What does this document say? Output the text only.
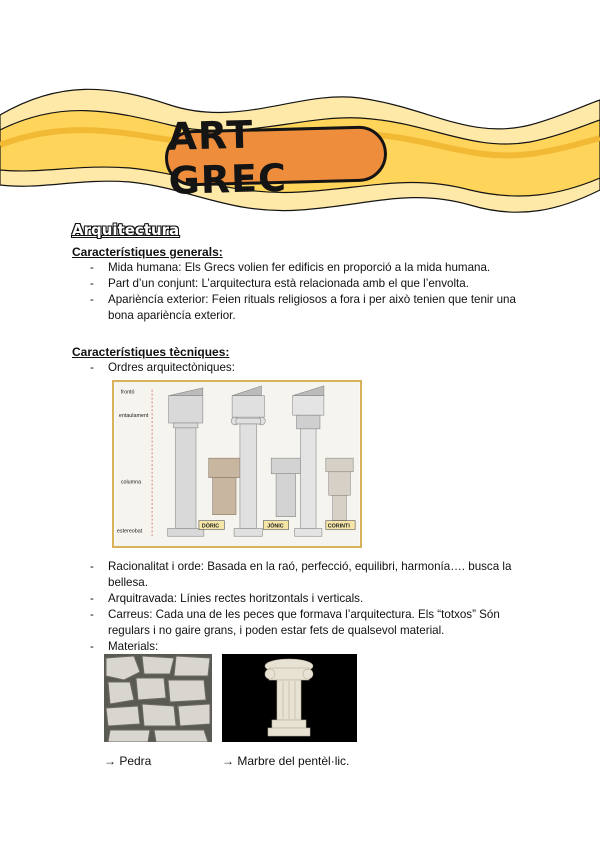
ART GREC
Arquitectura
Característiques generals:
- Mida humana: Els Grecs volien fer edificis en proporció a la mida humana.
- Part d’un conjunt: L’arquitectura està relacionada amb el que l’envolta.
- Aparièncía exterior: Feien rituals religiosos a fora i per això tenien que tenir una bona aparièncía exterior.
Característiques tècniques:
- Ordres arquitectòniques:
frontó
entaulament
columna
estereobat
DÒRIC	JÒNIC	CORINTI
- Racionalitat i orde: Basada en la raó, perfecció, equilibri, harmonía…. busca la bellesa.
- Arquitravada: Línies rectes horitzontals i verticals.
- Carreus: Cada una de les peces que formava l’arquitectura. Els “totxos” Són regulars i no gaire grans, i poden estar fets de qualsevol material.
- Materials:
→ Pedra	→ Marbre del pentèl·lic.
